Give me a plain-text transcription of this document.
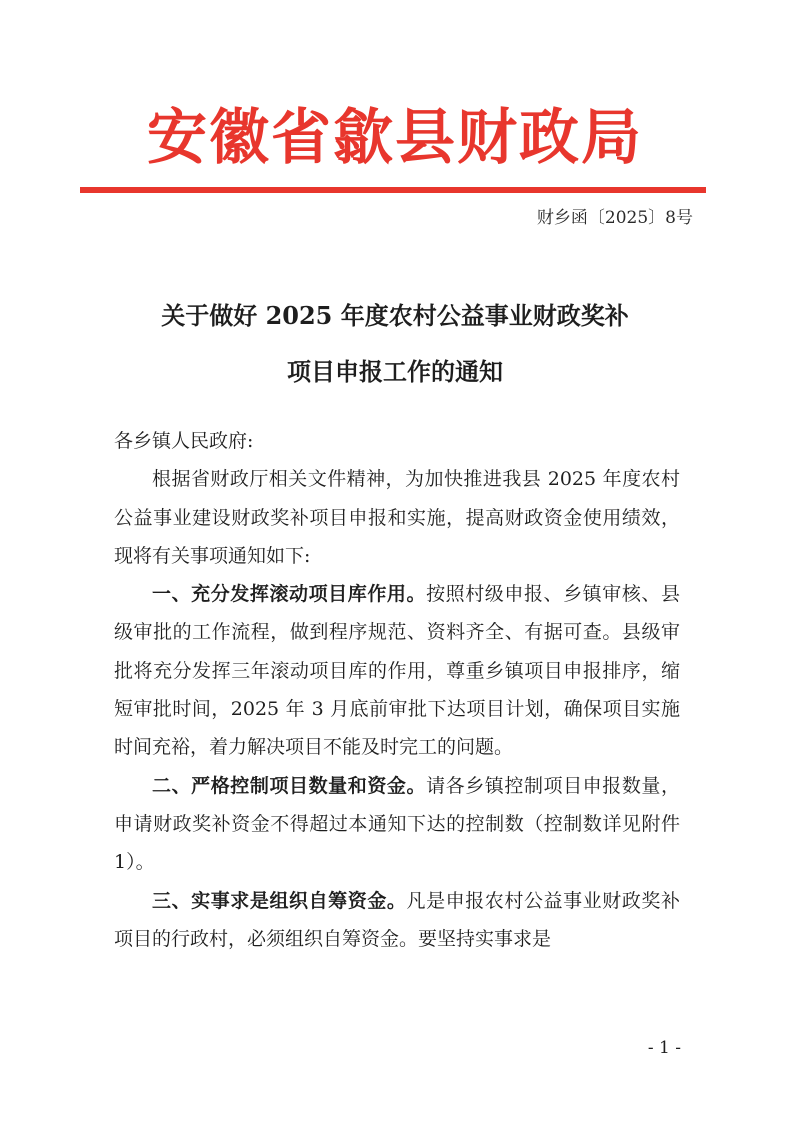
安徽省歙县财政局
财乡函〔2025〕8号
关于做好 2025 年度农村公益事业财政奖补
项目申报工作的通知

各乡镇人民政府:

根据省财政厅相关文件精神，为加快推进我县 2025 年度农村公益事业建设财政奖补项目申报和实施，提高财政资金使用绩效，现将有关事项通知如下:

一、充分发挥滚动项目库作用。按照村级申报、乡镇审核、县级审批的工作流程，做到程序规范、资料齐全、有据可查。县级审批将充分发挥三年滚动项目库的作用，尊重乡镇项目申报排序，缩短审批时间，2025 年 3 月底前审批下达项目计划，确保项目实施时间充裕，着力解决项目不能及时完工的问题。

二、严格控制项目数量和资金。请各乡镇控制项目申报数量，申请财政奖补资金不得超过本通知下达的控制数（控制数详见附件 1）。

三、实事求是组织自筹资金。凡是申报农村公益事业财政奖补项目的行政村，必须组织自筹资金。要坚持实事求是

- 1 -
